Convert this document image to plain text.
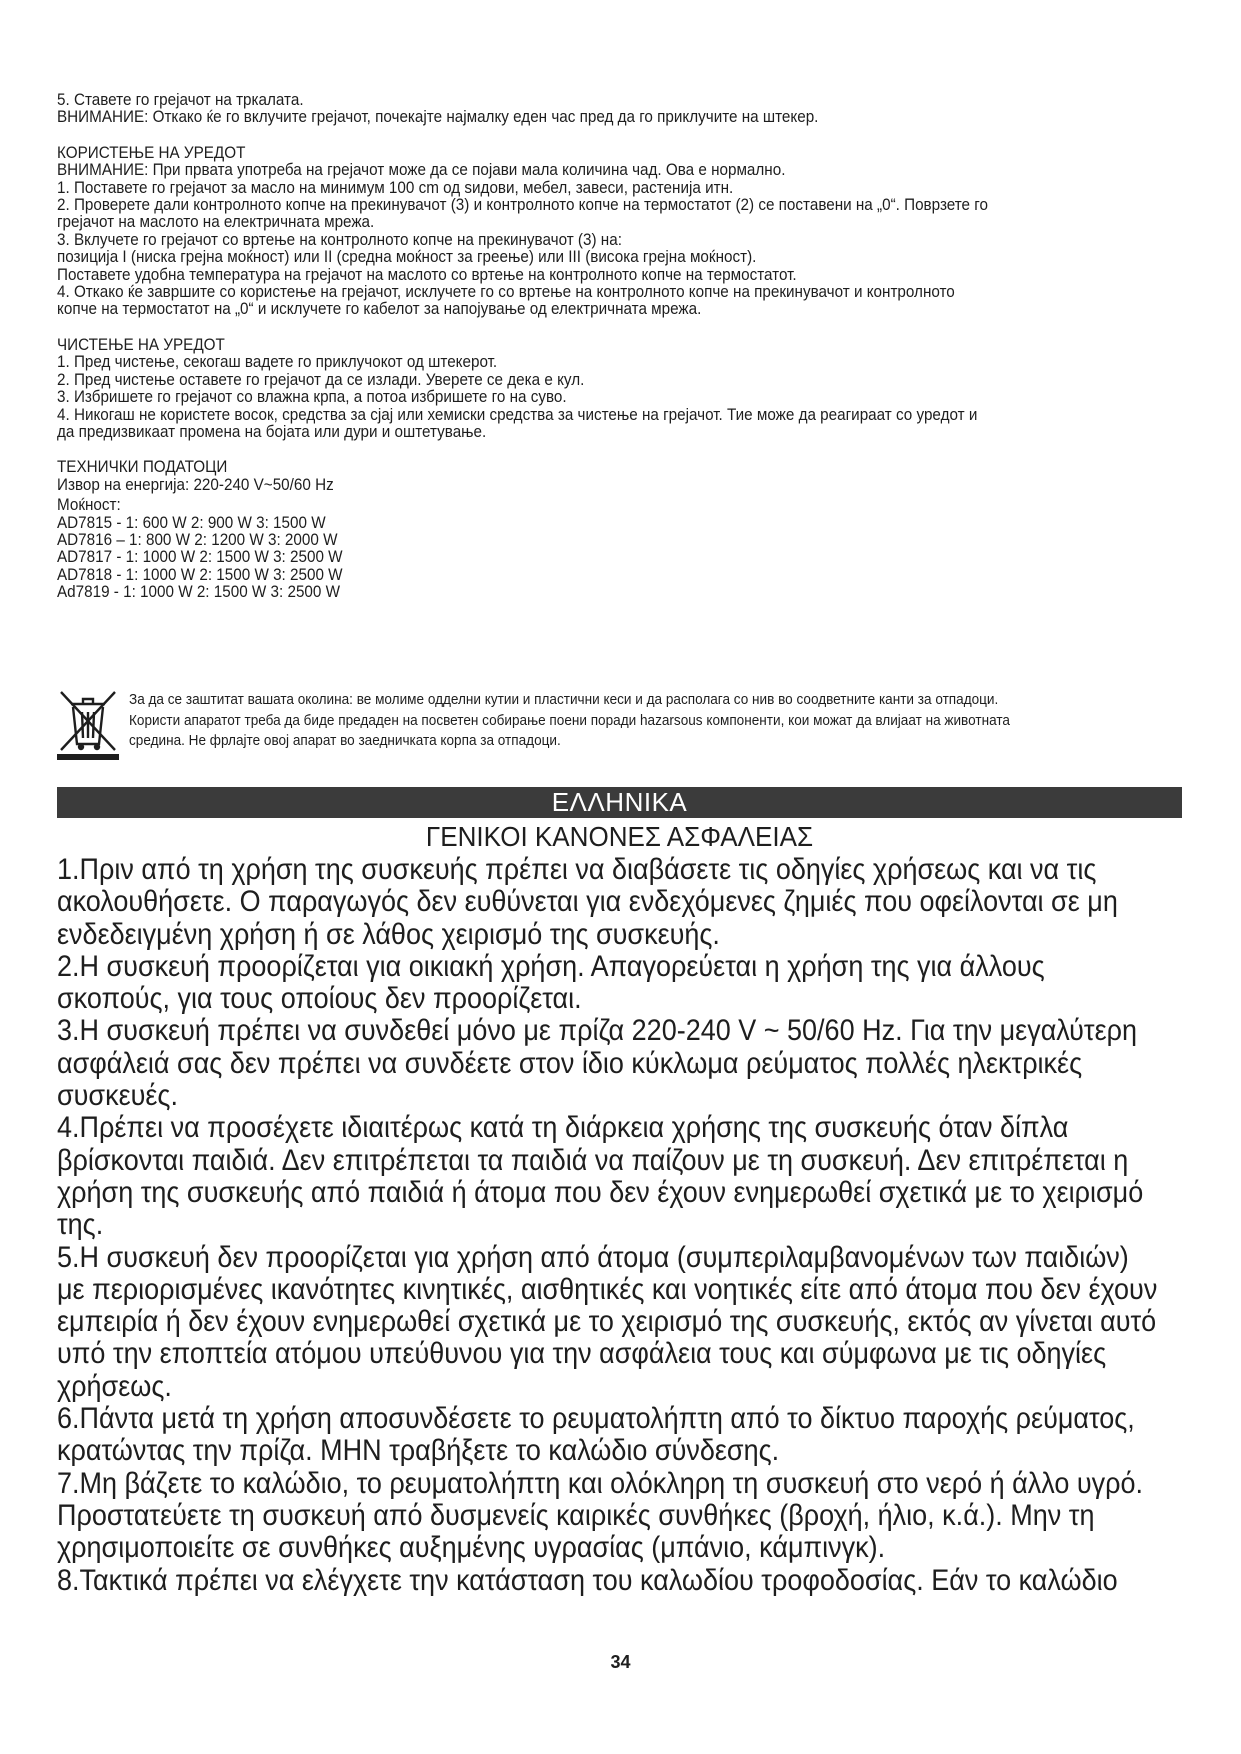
5. Ставете го грејачот на тркалата.

ВНИМАНИЕ: Откако ќе го вклучите грејачот, почекајте најмалку еден час пред да го приклучите на штекер.

КОРИСТЕЊЕ НА УРЕДОТ

ВНИМАНИЕ: При првата употреба на грејачот може да се појави мала количина чад. Ова е нормално.

1. Поставете го грејачот за масло на минимум 100 cm од ѕидови, мебел, завеси, растенија итн.

2. Проверете дали контролното копче на прекинувачот (3) и контролното копче на термостатот (2) се поставени на „0“. Поврзете го

грејачот на маслото на електричната мрежа.

3. Вклучете го грејачот со вртење на контролното копче на прекинувачот (3) на:

позиција I (ниска грејна моќност) или II (средна моќност за греење) или III (висока грејна моќност).

Поставете удобна температура на грејачот на маслото со вртење на контролното копче на термостатот.

4. Откако ќе завршите со користење на грејачот, исклучете го со вртење на контролното копче на прекинувачот и контролното

копче на термостатот на „0“ и исклучете го кабелот за напојување од електричната мрежа.

ЧИСТЕЊЕ НА УРЕДОТ

1. Пред чистење, секогаш вадете го приклучокот од штекерот.

2. Пред чистење оставете го грејачот да се излади. Уверете се дека е кул.

3. Избришете го грејачот со влажна крпа, а потоа избришете го на суво.

4. Никогаш не користете восок, средства за сјај или хемиски средства за чистење на грејачот. Тие може да реагираат со уредот и

да предизвикаат промена на бојата или дури и оштетување.

ТЕХНИЧКИ ПОДАТОЦИ

Извор на енергија: 220-240 V~50/60 Hz

Моќност:

AD7815 - 1: 600 W 2: 900 W 3: 1500 W

AD7816 – 1: 800 W 2: 1200 W 3: 2000 W

AD7817 - 1: 1000 W 2: 1500 W 3: 2500 W

AD7818 - 1: 1000 W 2: 1500 W 3: 2500 W

Ad7819 - 1: 1000 W 2: 1500 W 3: 2500 W

За да се заштитат вашата околина: ве молиме одделни кутии и пластични кеси и да располага со нив во соодветните канти за отпадоци.

Користи апаратот треба да биде предаден на посветен собирање поени поради hazarsous компоненти, кои можат да влијаат на животната

средина. Не фрлајте овој апарат во заедничката корпа за отпадоци.

ΕΛΛΗΝΙΚΑ
ΓΕΝΙΚΟΙ ΚΑΝΟΝΕΣ ΑΣΦΑΛΕΙΑΣ

1.Πριν από τη χρήση της συσκευής πρέπει να διαβάσετε τις οδηγίες χρήσεως και να τις

ακολουθήσετε. Ο παραγωγός δεν ευθύνεται για ενδεχόμενες ζημιές που οφείλονται σε μη

ενδεδειγμένη χρήση ή σε λάθος χειρισμό της συσκευής.

2.Η συσκευή προορίζεται για οικιακή χρήση. Απαγορεύεται η χρήση της για άλλους

σκοπούς, για τους οποίους δεν προορίζεται.

3.Η συσκευή πρέπει να συνδεθεί μόνο με πρίζα 220-240 V ~ 50/60 Hz. Για την μεγαλύτερη

ασφάλειά σας δεν πρέπει να συνδέετε στον ίδιο κύκλωμα ρεύματος πολλές ηλεκτρικές

συσκευές.

4.Πρέπει να προσέχετε ιδιαιτέρως κατά τη διάρκεια χρήσης της συσκευής όταν δίπλα

βρίσκονται παιδιά. Δεν επιτρέπεται τα παιδιά να παίζουν με τη συσκευή. Δεν επιτρέπεται η

χρήση της συσκευής από παιδιά ή άτομα που δεν έχουν ενημερωθεί σχετικά με το χειρισμό

της.

5.Η συσκευή δεν προορίζεται για χρήση από άτομα (συμπεριλαμβανομένων των παιδιών)

με περιορισμένες ικανότητες κινητικές, αισθητικές και νοητικές είτε από άτομα που δεν έχουν

εμπειρία ή δεν έχουν ενημερωθεί σχετικά με το χειρισμό της συσκευής, εκτός αν γίνεται αυτό

υπό την εποπτεία ατόμου υπεύθυνου για την ασφάλεια τους και σύμφωνα με τις οδηγίες

χρήσεως.

6.Πάντα μετά τη χρήση αποσυνδέσετε το ρευματολήπτη από το δίκτυο παροχής ρεύματος,

κρατώντας την πρίζα. ΜΗΝ τραβήξετε το καλώδιο σύνδεσης.

7.Μη βάζετε το καλώδιο, το ρευματολήπτη και ολόκληρη τη συσκευή στο νερό ή άλλο υγρό.

Προστατεύετε τη συσκευή από δυσμενείς καιρικές συνθήκες (βροχή, ήλιο, κ.ά.). Μην τη

χρησιμοποιείτε σε συνθήκες αυξημένης υγρασίας (μπάνιο, κάμπινγκ).

8.Τακτικά πρέπει να ελέγχετε την κατάσταση του καλωδίου τροφοδοσίας. Εάν το καλώδιο

34
